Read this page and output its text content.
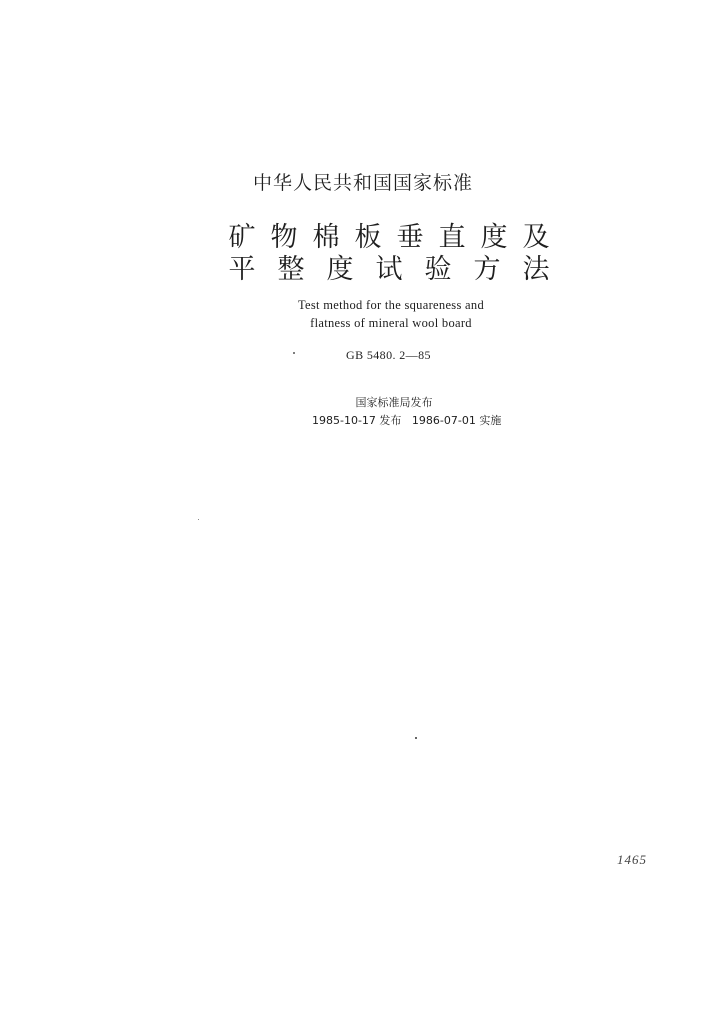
中华人民共和国国家标准
矿 物 棉 板 垂 直 度 及
平 整 度 试 验 方 法
Test method for the squareness and
flatness of mineral wool board
GB 5480. 2—85
国家标准局发布
1985-10-17 发布   1986-07-01 实施
1465
